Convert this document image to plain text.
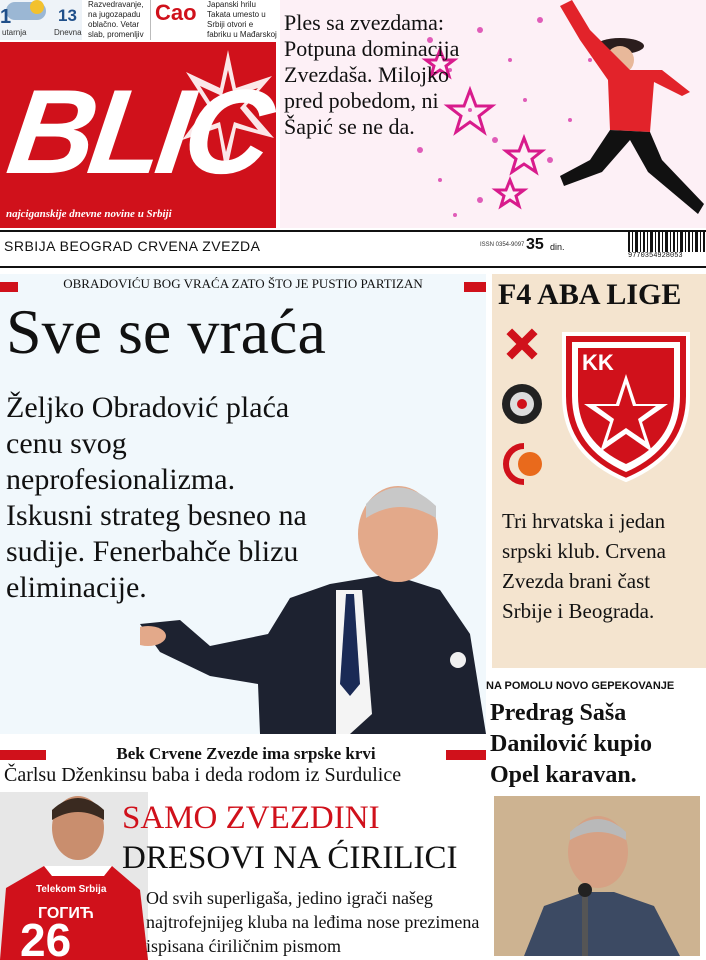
1	13
utarnja	Dnevna
Razvedravanje, na jugozapadu oblačno. Vetar slab, promenljiv
Cao Japanski hrilu Takata umesto u Srbiji otvori e fabriku u Mađarskoj
BLIC
najciganskije dnevne novine u Srbiji
Ples sa zvezdama: Potpuna dominacija Zvezdaša. Milojko pred pobedom, ni Šapić se ne da.
SRBIJA BEOGRAD CRVENA ZVEZDA	ISSN 0354-9097 35 din.
9770354928053
OBRADOVIĆU BOG VRAĆA ZATO ŠTO JE PUSTIO PARTIZAN
Sve se vraća
Željko Obradović plaća cenu svog neprofesionalizma. Iskusni strateg besneo na sudije. Fenerbahče blizu eliminacije.
F4 ABA LIGE
KK
Tri hrvatska i jedan srpski klub. Crvena Zvezda brani čast Srbije i Beograda.
NA POMOLU NOVO GEPEKOVANJE
Predrag Saša Danilović kupio Opel karavan.
Bek Crvene Zvezde ima srpske krvi
Čarlsu Dženkinsu baba i deda rodom iz Surdulice
Telekom Srbija
ГОГИЋ
26
SAMO ZVEZDINI
DRESOVI NA ĆIRILICI
Od svih superligaša, jedino igrači našeg najtrofejnijeg kluba na leđima nose prezimena ispisana ćiriličnim pismom
